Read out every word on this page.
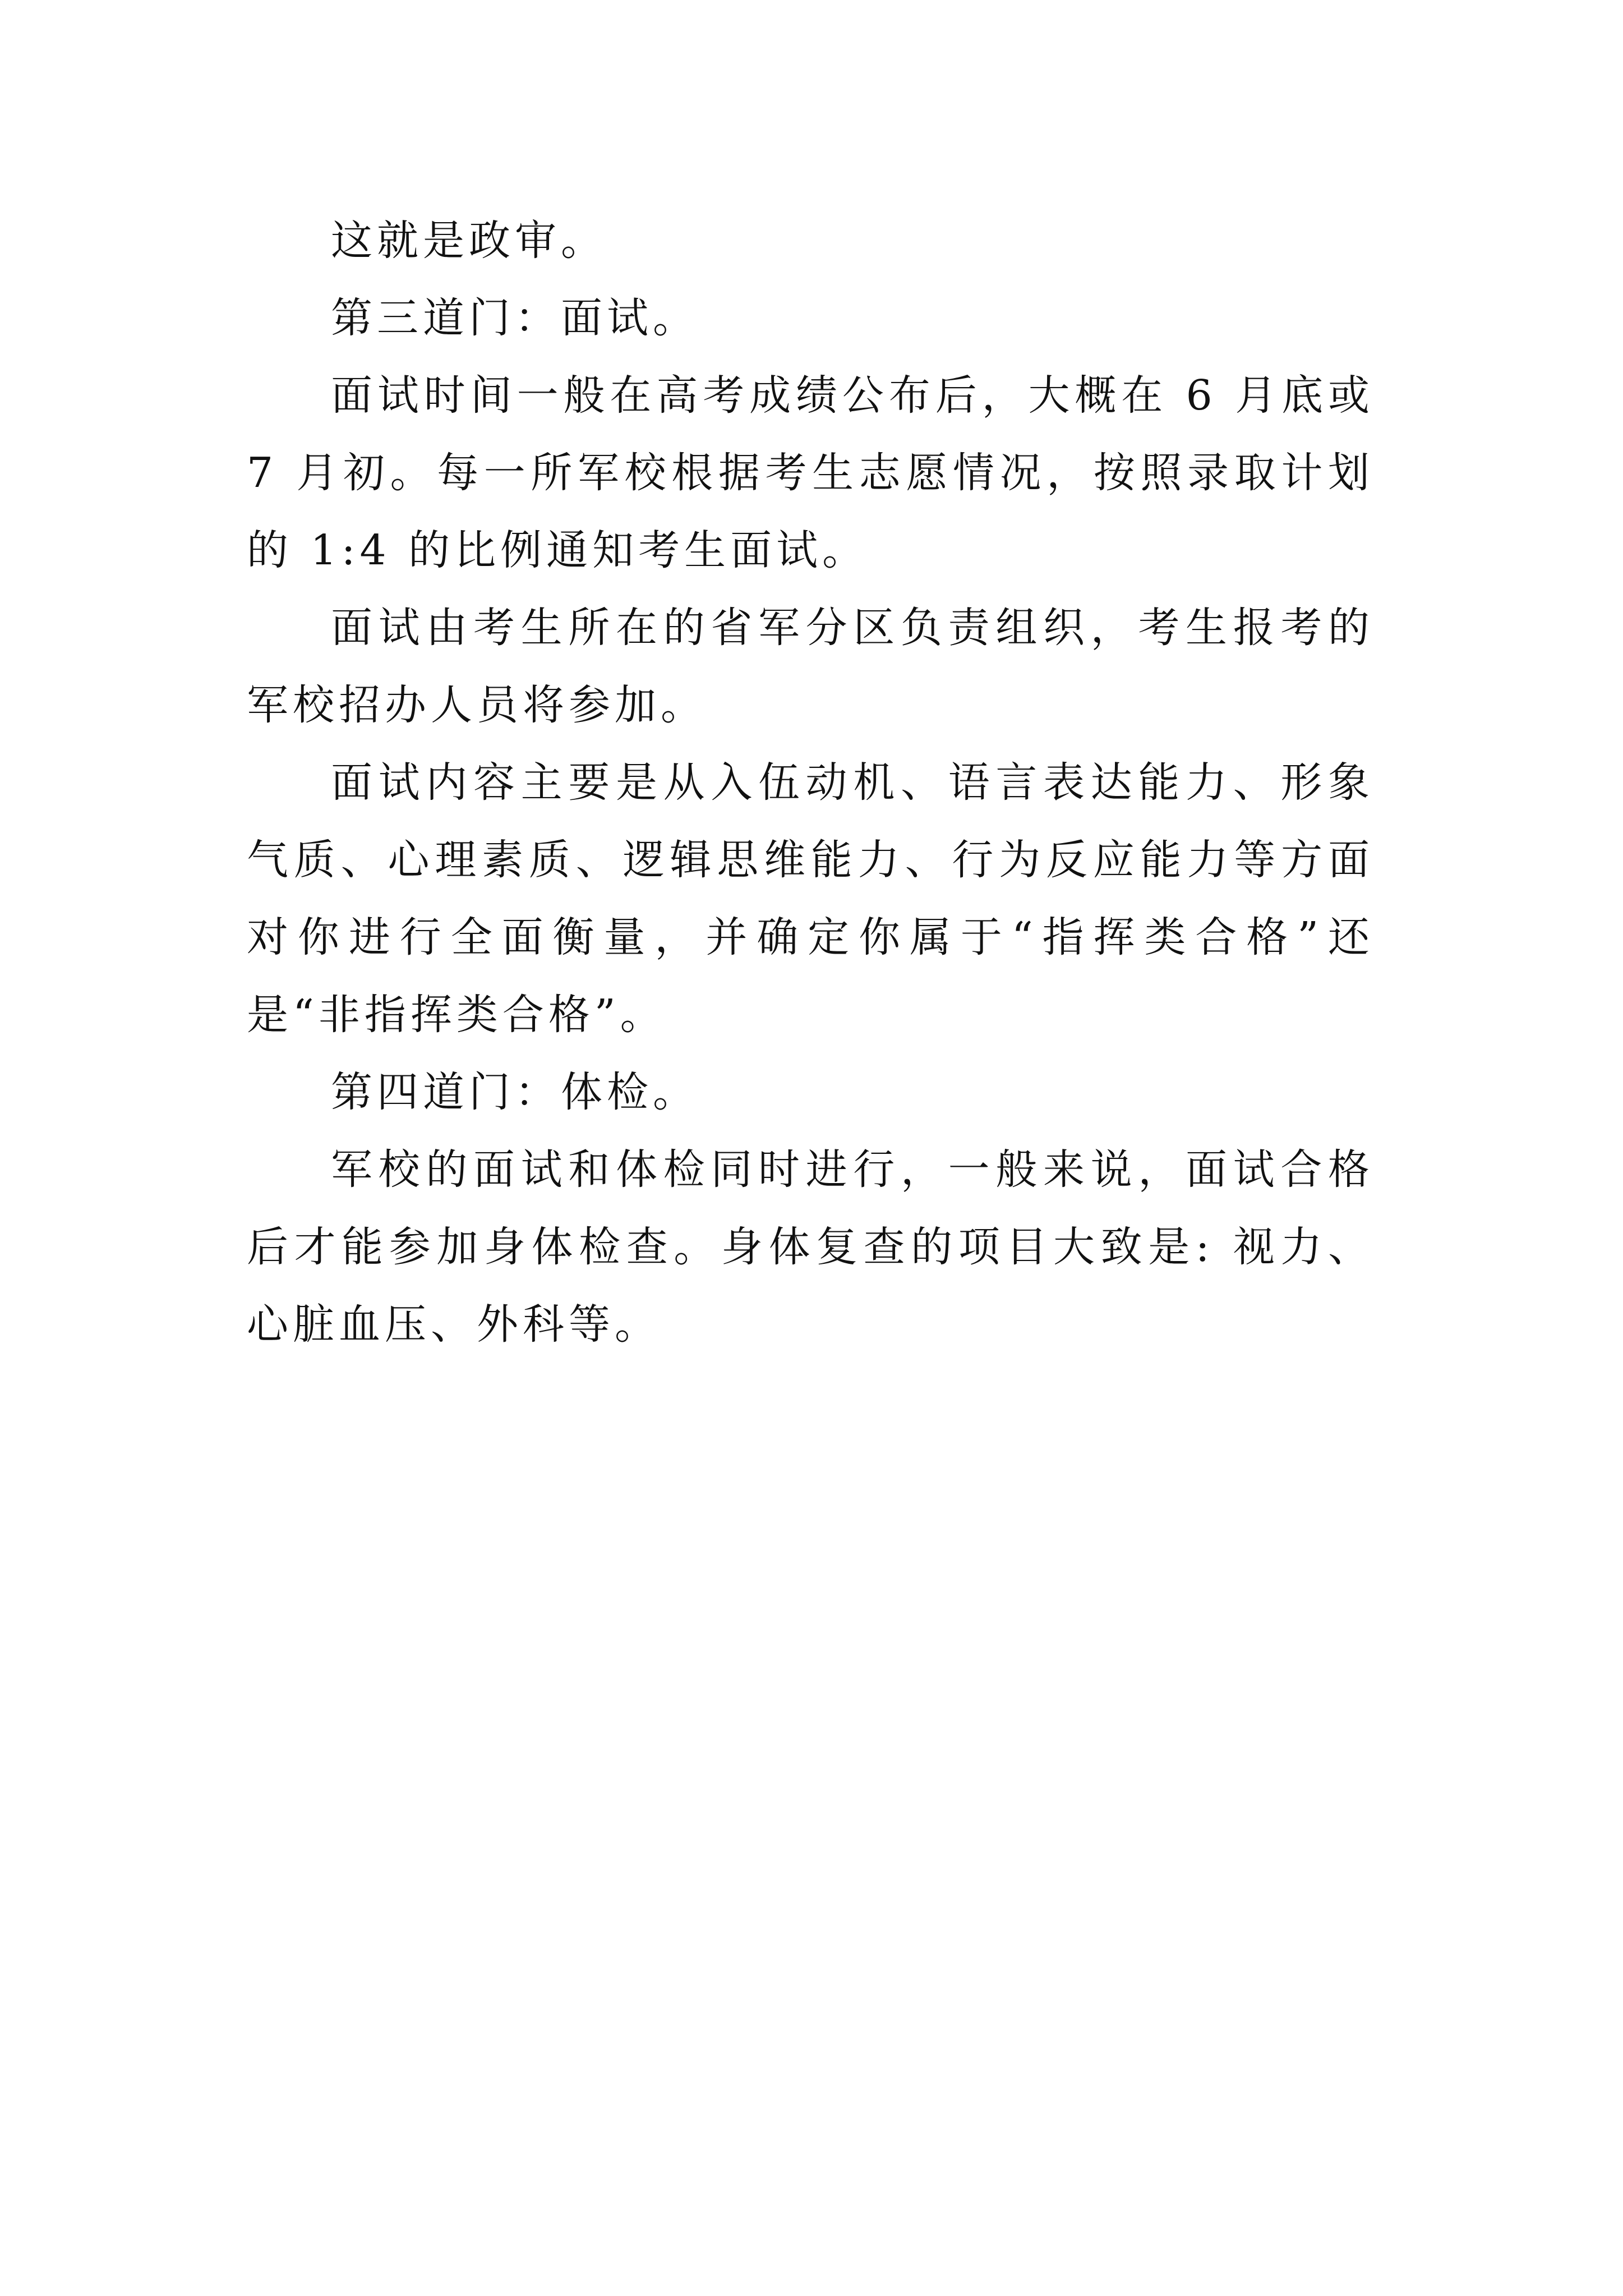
这就是政审。

第三道门：面试。

面试时间一般在高考成绩公布后，大概在 6 月底或 7 月初。每一所军校根据考生志愿情况，按照录取计划的 1:4 的比例通知考生面试。

面试由考生所在的省军分区负责组织，考生报考的军校招办人员将参加。

面试内容主要是从入伍动机、语言表达能力、形象气质、心理素质、逻辑思维能力、行为反应能力等方面对你进行全面衡量，并确定你属于“指挥类合格”还是“非指挥类合格”。

第四道门：体检。

军校的面试和体检同时进行，一般来说，面试合格后才能参加身体检查。身体复查的项目大致是: 视力、心脏血压、外科等。
